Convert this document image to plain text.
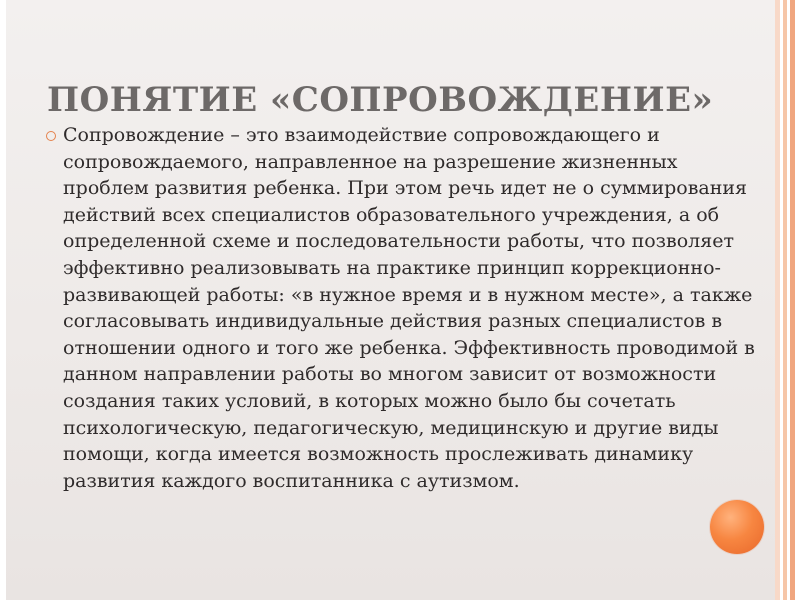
ПОНЯТИЕ «СОПРОВОЖДЕНИЕ»

Сопровождение – это взаимодействие сопровождающего и сопровождаемого, направленное на разрешение жизненных проблем развития ребенка. При этом речь идет не о суммирования действий всех специалистов образовательного учреждения, а об определенной схеме и последовательности работы, что позволяет эффективно реализовывать на практике принцип коррекционно-развивающей работы: «в нужное время и в нужном месте», а также согласовывать индивидуальные действия разных специалистов в отношении одного и того же ребенка. Эффективность проводимой в данном направлении работы во многом зависит от возможности создания таких условий, в которых можно было бы сочетать психологическую, педагогическую, медицинскую и другие виды помощи, когда имеется возможность прослеживать динамику развития каждого воспитанника с аутизмом.
